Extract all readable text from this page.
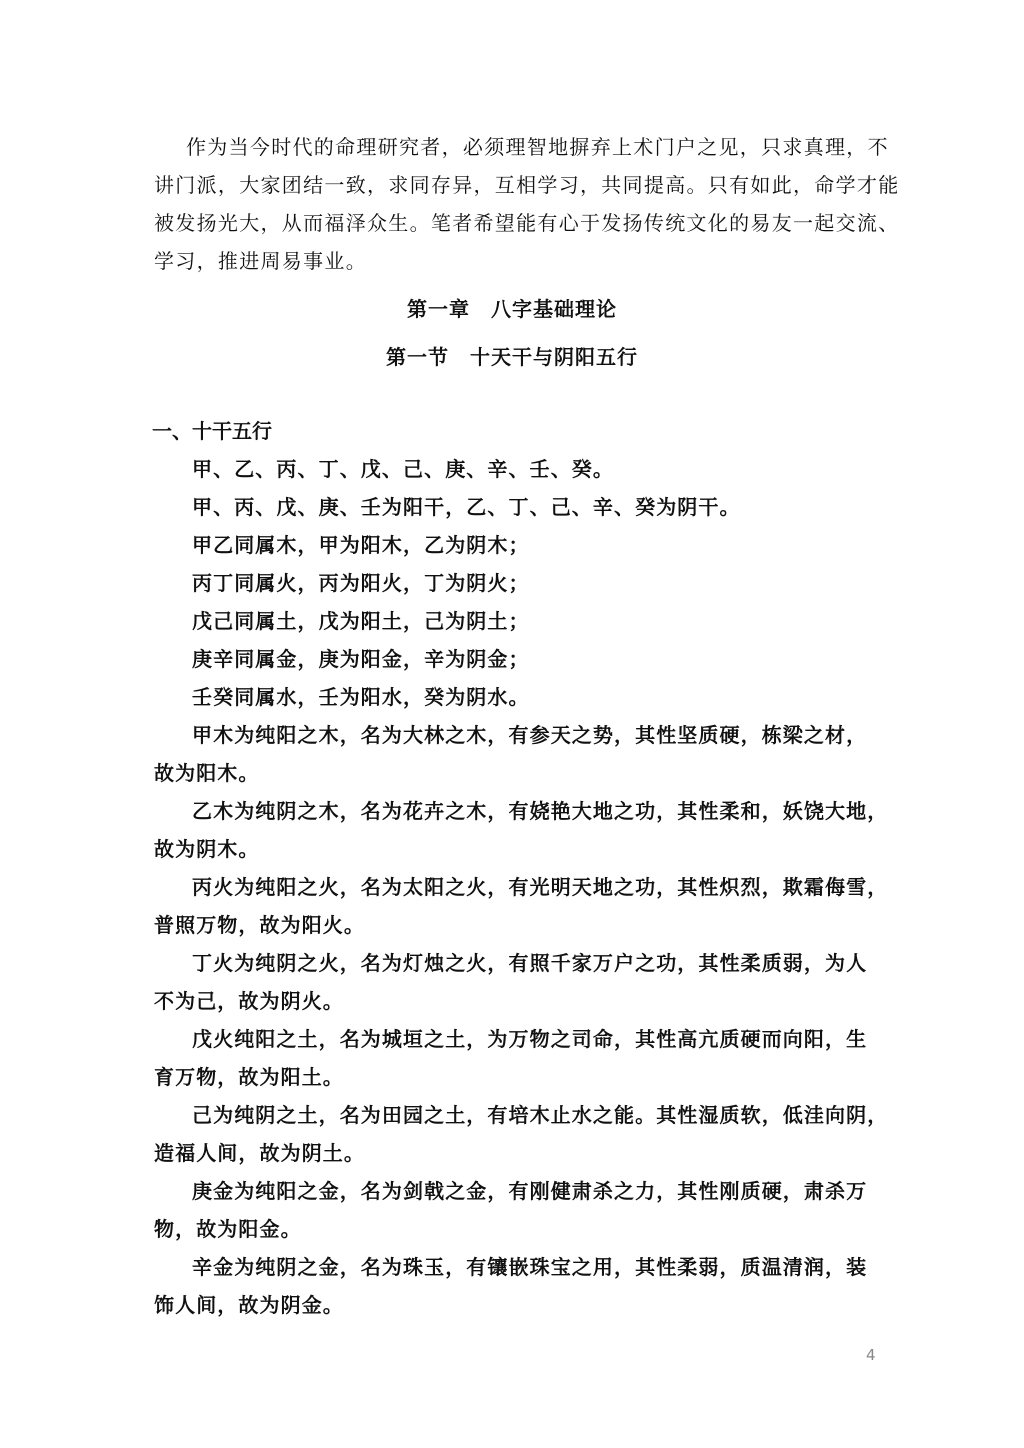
作为当今时代的命理研究者，必须理智地摒弃上术门户之见，只求真理，不
讲门派，大家团结一致，求同存异，互相学习，共同提高。只有如此，命学才能
被发扬光大，从而福泽众生。笔者希望能有心于发扬传统文化的易友一起交流、
学习，推进周易事业。
第一章　八字基础理论
第一节　十天干与阴阳五行
一、十干五行
甲、乙、丙、丁、戊、己、庚、辛、壬、癸。
甲、丙、戊、庚、壬为阳干，乙、丁、己、辛、癸为阴干。
甲乙同属木，甲为阳木，乙为阴木；
丙丁同属火，丙为阳火，丁为阴火；
戊己同属土，戊为阳土，己为阴土；
庚辛同属金，庚为阳金，辛为阴金；
壬癸同属水，壬为阳水，癸为阴水。
甲木为纯阳之木，名为大林之木，有参天之势，其性坚质硬，栋梁之材，
故为阳木。
乙木为纯阴之木，名为花卉之木，有娆艳大地之功，其性柔和，妖饶大地，
故为阴木。
丙火为纯阳之火，名为太阳之火，有光明天地之功，其性炽烈，欺霜侮雪，
普照万物，故为阳火。
丁火为纯阴之火，名为灯烛之火，有照千家万户之功，其性柔质弱，为人
不为己，故为阴火。
戊火纯阳之土，名为城垣之土，为万物之司命，其性高亢质硬而向阳，生
育万物，故为阳土。
己为纯阴之土，名为田园之土，有培木止水之能。其性湿质软，低洼向阴，
造福人间，故为阴土。
庚金为纯阳之金，名为剑戟之金，有刚健肃杀之力，其性刚质硬，肃杀万
物，故为阳金。
辛金为纯阴之金，名为珠玉，有镶嵌珠宝之用，其性柔弱，质温清润，装
饰人间，故为阴金。
4
